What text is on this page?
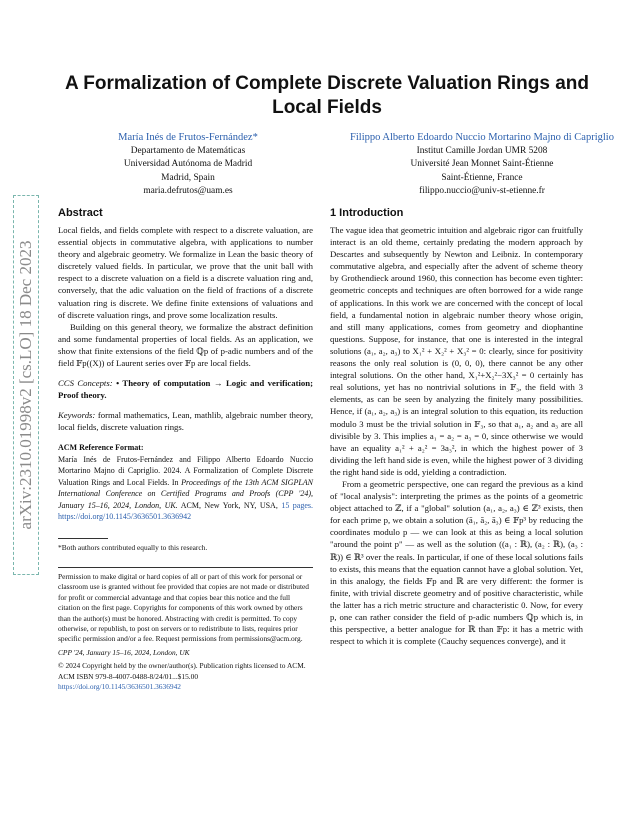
arXiv:2310.01998v2 [cs.LO] 18 Dec 2023
A Formalization of Complete Discrete Valuation Rings and Local Fields
María Inés de Frutos-Fernández*
Departamento de Matemáticas
Universidad Autónoma de Madrid
Madrid, Spain
maria.defrutos@uam.es
Filippo Alberto Edoardo Nuccio Mortarino Majno di Capriglio
Institut Camille Jordan UMR 5208
Université Jean Monnet Saint-Étienne
Saint-Étienne, France
filippo.nuccio@univ-st-etienne.fr
Abstract

Local fields, and fields complete with respect to a discrete valuation, are essential objects in commutative algebra, with applications to number theory and algebraic geometry. We formalize in Lean the basic theory of discretely valued fields. In particular, we prove that the unit ball with respect to a discrete valuation on a field is a discrete valuation ring and, conversely, that the adic valuation on the field of fractions of a discrete valuation ring is discrete. We define finite extensions of valuations and of discrete valuation rings, and prove some localization results.

Building on this general theory, we formalize the abstract definition and some fundamental properties of local fields. As an application, we show that finite extensions of the field ℚp of p-adic numbers and of the field 𝔽p((X)) of Laurent series over 𝔽p are local fields.

CCS Concepts: • Theory of computation → Logic and verification; Proof theory.

Keywords: formal mathematics, Lean, mathlib, algebraic number theory, local fields, discrete valuation rings.

ACM Reference Format:

María Inés de Frutos-Fernández and Filippo Alberto Edoardo Nuccio Mortarino Majno di Capriglio. 2024. A Formalization of Complete Discrete Valuation Rings and Local Fields. In Proceedings of the 13th ACM SIGPLAN International Conference on Certified Programs and Proofs (CPP '24), January 15–16, 2024, London, UK. ACM, New York, NY, USA, 15 pages. https://doi.org/10.1145/3636501.3636942

*Both authors contributed equally to this research.

Permission to make digital or hard copies of all or part of this work for personal or classroom use is granted without fee provided that copies are not made or distributed for profit or commercial advantage and that copies bear this notice and the full citation on the first page. Copyrights for components of this work owned by others than the author(s) must be honored. Abstracting with credit is permitted. To copy otherwise, or republish, to post on servers or to redistribute to lists, requires prior specific permission and/or a fee. Request permissions from permissions@acm.org.

CPP '24, January 15–16, 2024, London, UK

© 2024 Copyright held by the owner/author(s). Publication rights licensed to ACM.

ACM ISBN 979-8-4007-0488-8/24/01...$15.00

https://doi.org/10.1145/3636501.3636942

1 Introduction

The vague idea that geometric intuition and algebraic rigor can fruitfully interact is an old theme, certainly predating the modern approach by Descartes and subsequently by Newton and Leibniz. In contemporary commutative algebra, and especially after the advent of scheme theory by Grothendieck around 1960, this connection has become even tighter: geometric concepts and techniques are often borrowed for a wide range of applications. In this work we are concerned with the concept of local field, a fundamental notion in algebraic number theory whose origin, and still many applications, comes from geometry and diophantine questions. Suppose, for instance, that one is interested in the integral solutions (a₁, a₂, a₃) to X₁² + X₂² + X₃² = 0: clearly, since for positivity reasons the only real solution is (0, 0, 0), there cannot be any other integral solutions. On the other hand, X₁²+X₂²−3X₃² = 0 certainly has real solutions, yet has no nontrivial solutions in 𝔽₃, the field with 3 elements, as can be seen by analyzing the finitely many possibilities. Hence, if (a₁, a₂, a₃) is an integral solution to this equation, its reduction modulo 3 must be the trivial solution in 𝔽₃, so that a₁, a₂ and a₃ are all divisible by 3. This implies a₁ = a₂ = a₃ = 0, since otherwise we would have an equality a₁² + a₂² = 3a₃², in which the highest power of 3 dividing the left hand side is even, while the highest power of 3 dividing the right hand side is odd, yielding a contradiction.

From a geometric perspective, one can regard the previous as a kind of "local analysis": interpreting the primes as the points of a geometric object attached to ℤ, if a "global" solution (a₁, a₂, a₃) ∈ ℤ³ exists, then for each prime p, we obtain a solution (ā₁, ā₂, ā₃) ∈ 𝔽p³ by reducing the coordinates modulo p — we can look at this as being a local solution "around the point p" — as well as the solution ((a₁ : ℝ), (a₂ : ℝ), (a₃ : ℝ)) ∈ ℝ³ over the reals. In particular, if one of these local solutions fails to exists, this means that the equation cannot have a global solution. Yet, in this analogy, the fields 𝔽p and ℝ are very different: the former is finite, with trivial discrete geometry and of positive characteristic, while the latter has a rich metric structure and characteristic 0. Now, for every p, one can rather consider the field of p-adic numbers ℚp which is, in this perspective, a better analogue for ℝ than 𝔽p: it has a metric with respect to which it is complete (Cauchy sequences converge), and it
